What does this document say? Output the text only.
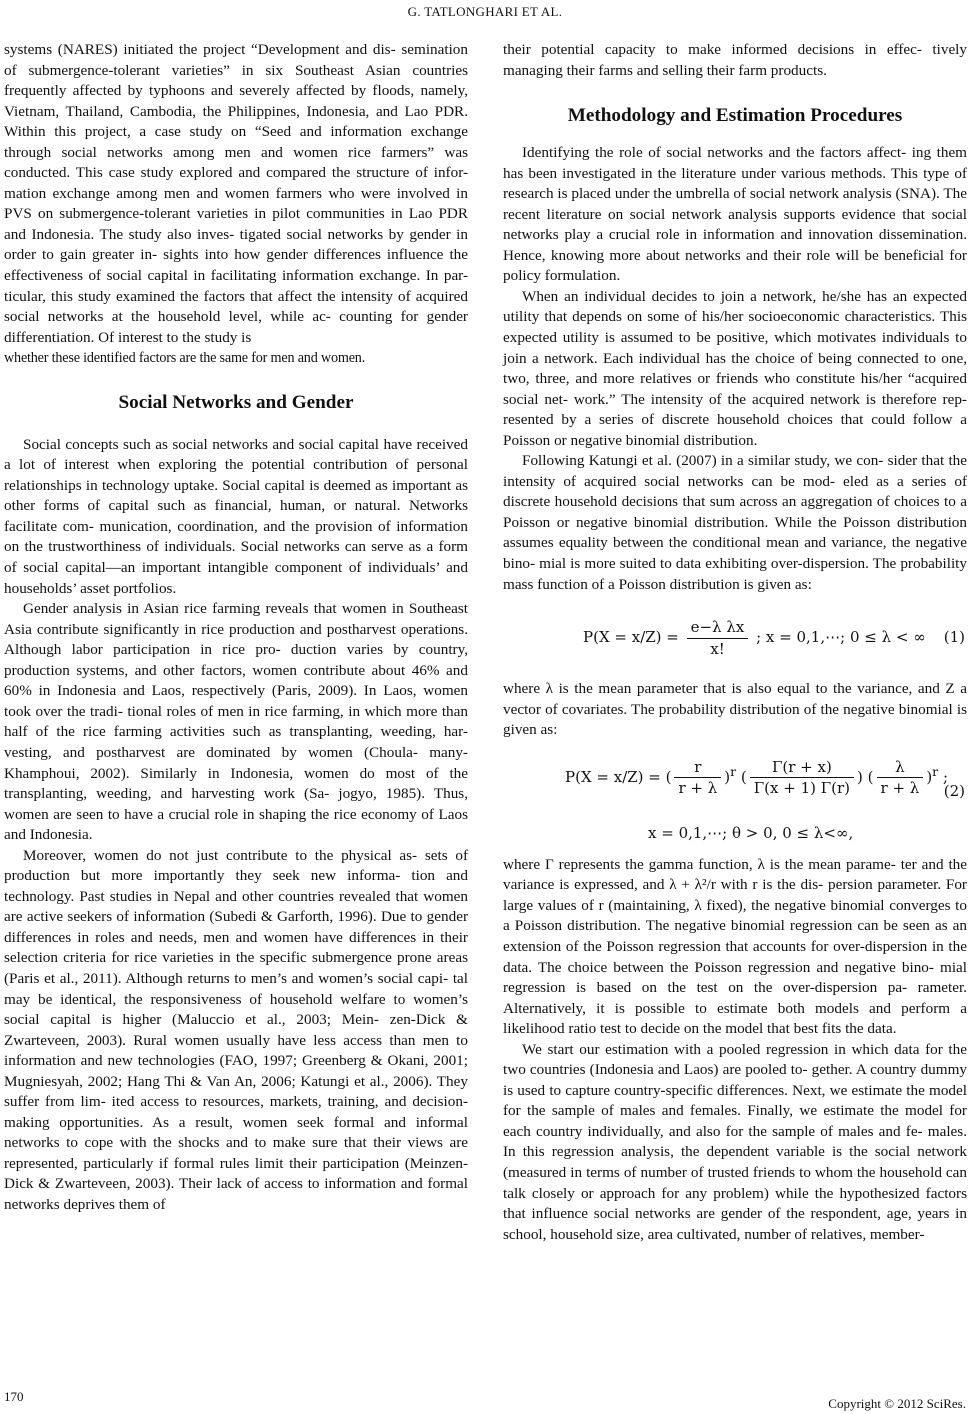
G. TATLONGHARI ET AL.

systems (NARES) initiated the project “Development and dis- semination of submergence-tolerant varieties” in six Southeast Asian countries frequently affected by typhoons and severely affected by floods, namely, Vietnam, Thailand, Cambodia, the Philippines, Indonesia, and Lao PDR. Within this project, a case study on “Seed and information exchange through social networks among men and women rice farmers” was conducted. This case study explored and compared the structure of infor- mation exchange among men and women farmers who were involved in PVS on submergence-tolerant varieties in pilot communities in Lao PDR and Indonesia. The study also inves- tigated social networks by gender in order to gain greater in- sights into how gender differences influence the effectiveness of social capital in facilitating information exchange. In par- ticular, this study examined the factors that affect the intensity of acquired social networks at the household level, while ac- counting for gender differentiation. Of interest to the study is

whether these identified factors are the same for men and women.

Social Networks and Gender

Social concepts such as social networks and social capital have received a lot of interest when exploring the potential contribution of personal relationships in technology uptake. Social capital is deemed as important as other forms of capital such as financial, human, or natural. Networks facilitate com- munication, coordination, and the provision of information on the trustworthiness of individuals. Social networks can serve as a form of social capital—an important intangible component of individuals’ and households’ asset portfolios.

Gender analysis in Asian rice farming reveals that women in Southeast Asia contribute significantly in rice production and postharvest operations. Although labor participation in rice pro- duction varies by country, production systems, and other factors, women contribute about 46% and 60% in Indonesia and Laos, respectively (Paris, 2009). In Laos, women took over the tradi- tional roles of men in rice farming, in which more than half of the rice farming activities such as transplanting, weeding, har- vesting, and postharvest are dominated by women (Choula- many-Khamphoui, 2002). Similarly in Indonesia, women do most of the transplanting, weeding, and harvesting work (Sa- jogyo, 1985). Thus, women are seen to have a crucial role in shaping the rice economy of Laos and Indonesia.

Moreover, women do not just contribute to the physical as- sets of production but more importantly they seek new informa- tion and technology. Past studies in Nepal and other countries revealed that women are active seekers of information (Subedi & Garforth, 1996). Due to gender differences in roles and needs, men and women have differences in their selection criteria for rice varieties in the specific submergence prone areas (Paris et al., 2011). Although returns to men’s and women’s social capi- tal may be identical, the responsiveness of household welfare to women’s social capital is higher (Maluccio et al., 2003; Mein- zen-Dick & Zwarteveen, 2003). Rural women usually have less access than men to information and new technologies (FAO, 1997; Greenberg & Okani, 2001; Mugniesyah, 2002; Hang Thi & Van An, 2006; Katungi et al., 2006). They suffer from lim- ited access to resources, markets, training, and decision-making opportunities. As a result, women seek formal and informal networks to cope with the shocks and to make sure that their views are represented, particularly if formal rules limit their participation (Meinzen-Dick & Zwarteveen, 2003). Their lack of access to information and formal networks deprives them of

their potential capacity to make informed decisions in effec- tively managing their farms and selling their farm products.

Methodology and Estimation Procedures

Identifying the role of social networks and the factors affect- ing them has been investigated in the literature under various methods. This type of research is placed under the umbrella of social network analysis (SNA). The recent literature on social network analysis supports evidence that social networks play a crucial role in information and innovation dissemination. Hence, knowing more about networks and their role will be beneficial for policy formulation.

When an individual decides to join a network, he/she has an expected utility that depends on some of his/her socioeconomic characteristics. This expected utility is assumed to be positive, which motivates individuals to join a network. Each individual has the choice of being connected to one, two, three, and more relatives or friends who constitute his/her “acquired social net- work.” The intensity of the acquired network is therefore rep- resented by a series of discrete household choices that could follow a Poisson or negative binomial distribution.

Following Katungi et al. (2007) in a similar study, we con- sider that the intensity of acquired social networks can be mod- eled as a series of discrete household decisions that sum across an aggregation of choices to a Poisson or negative binomial distribution. While the Poisson distribution assumes equality between the conditional mean and variance, the negative bino- mial is more suited to data exhibiting over-dispersion. The probability mass function of a Poisson distribution is given as:

$P(X = x/Z) = \frac{\text{e−λ λx}}{x!}$ ; x = 0,1,⋯; 0 ≤ λ < ∞ (1)

where λ is the mean parameter that is also equal to the variance, and Z a vector of covariates. The probability distribution of the negative binomial is given as:

P(X = x/Z) = ( $\frac{r}{r + \lambda} )^r$ ( $\frac{\Gamma(r + x)}{\Gamma(x + 1) \Gamma(r)}$ ) ( $\frac{\lambda}{r + \lambda} )^r$ ;
(2)
x = 0,1,⋯; θ > 0, 0 ≤ λ<∞,

where Γ represents the gamma function, λ is the mean parame- ter and the variance is expressed, and λ + λ²/r with r is the dis- persion parameter. For large values of r (maintaining, λ fixed), the negative binomial converges to a Poisson distribution. The negative binomial regression can be seen as an extension of the Poisson regression that accounts for over-dispersion in the data. The choice between the Poisson regression and negative bino- mial regression is based on the test on the over-dispersion pa- rameter. Alternatively, it is possible to estimate both models and perform a likelihood ratio test to decide on the model that best fits the data.

We start our estimation with a pooled regression in which data for the two countries (Indonesia and Laos) are pooled to- gether. A country dummy is used to capture country-specific differences. Next, we estimate the model for the sample of males and females. Finally, we estimate the model for each country individually, and also for the sample of males and fe- males. In this regression analysis, the dependent variable is the social network (measured in terms of number of trusted friends to whom the household can talk closely or approach for any problem) while the hypothesized factors that influence social networks are gender of the respondent, age, years in school, household size, area cultivated, number of relatives, member-

170	Copyright © 2012 SciRes.
